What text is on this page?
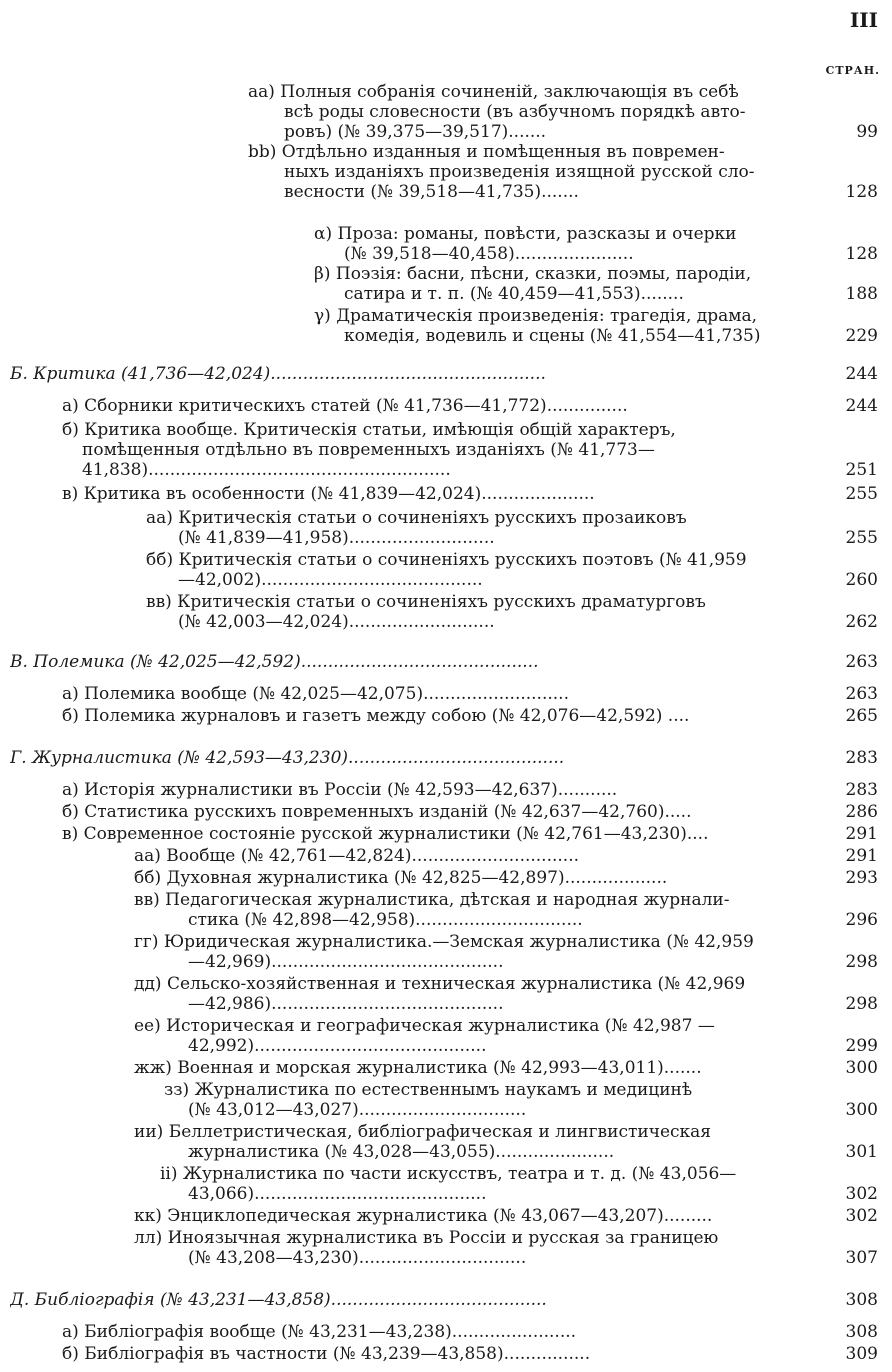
III
СТРАН.
аа) Полныя собранія сочиненій, заключающія въ себѣ
всѣ роды словесности (въ азбучномъ порядкѣ авто-
ровъ) (№ 39,375—39,517).......	99
bb) Отдѣльно изданныя и помѣщенныя въ повремен-
ныхъ изданіяхъ произведенія изящной русской сло-
весности (№ 39,518—41,735).......	128
α) Проза: романы, повѣсти, разсказы и очерки
(№ 39,518—40,458)......................	128
β) Поэзія: басни, пѣсни, сказки, поэмы, пародіи,
сатира и т. п. (№ 40,459—41,553)........	188
γ) Драматическія произведенія: трагедія, драма,
комедія, водевиль и сцены (№ 41,554—41,735)	229
Б. Критика (41,736—42,024)...................................................	244
а) Сборники критическихъ статей (№ 41,736—41,772)...............	244
б) Критика вообще. Критическія статьи, имѣющія общій характеръ,
помѣщенныя отдѣльно въ повременныхъ изданіяхъ (№ 41,773—
41,838)........................................................	251
в) Критика въ особенности (№ 41,839—42,024).....................	255
аа) Критическія статьи о сочиненіяхъ русскихъ прозаиковъ
(№ 41,839—41,958)...........................	255
бб) Критическія статьи о сочиненіяхъ русскихъ поэтовъ (№ 41,959
—42,002).........................................	260
вв) Критическія статьи о сочиненіяхъ русскихъ драматурговъ
(№ 42,003—42,024)...........................	262
В. Полемика (№ 42,025—42,592)............................................	263
а) Полемика вообще (№ 42,025—42,075)...........................	263
б) Полемика журналовъ и газетъ между собою (№ 42,076—42,592) ....	265
Г. Журналистика (№ 42,593—43,230)........................................	283
а) Исторія журналистики въ Россіи (№ 42,593—42,637)...........	283
б) Статистика русскихъ повременныхъ изданій (№ 42,637—42,760).....	286
в) Современное состояніе русской журналистики (№ 42,761—43,230)....	291
аа) Вообще (№ 42,761—42,824)...............................	291
бб) Духовная журналистика (№ 42,825—42,897)...................	293
вв) Педагогическая журналистика, дѣтская и народная журнали-
стика (№ 42,898—42,958)...............................	296
гг) Юридическая журналистика.—Земская журналистика (№ 42,959
—42,969)...........................................	298
дд) Сельско-хозяйственная и техническая журналистика (№ 42,969
—42,986)...........................................	298
ее) Историческая и географическая журналистика (№ 42,987 —
42,992)...........................................	299
жж) Военная и морская журналистика (№ 42,993—43,011).......	300
зз) Журналистика по естественнымъ наукамъ и медицинѣ
(№ 43,012—43,027)...............................	300
ии) Беллетристическая, библіографическая и лингвистическая
журналистика (№ 43,028—43,055)......................	301
ii) Журналистика по части искусствъ, театра и т. д. (№ 43,056—
43,066)...........................................	302
кк) Энциклопедическая журналистика (№ 43,067—43,207).........	302
лл) Иноязычная журналистика въ Россіи и русская за границею
(№ 43,208—43,230)...............................	307
Д. Библіографія (№ 43,231—43,858)........................................	308
а) Библіографія вообще (№ 43,231—43,238).......................	308
б) Библіографія въ частности (№ 43,239—43,858)................	309
